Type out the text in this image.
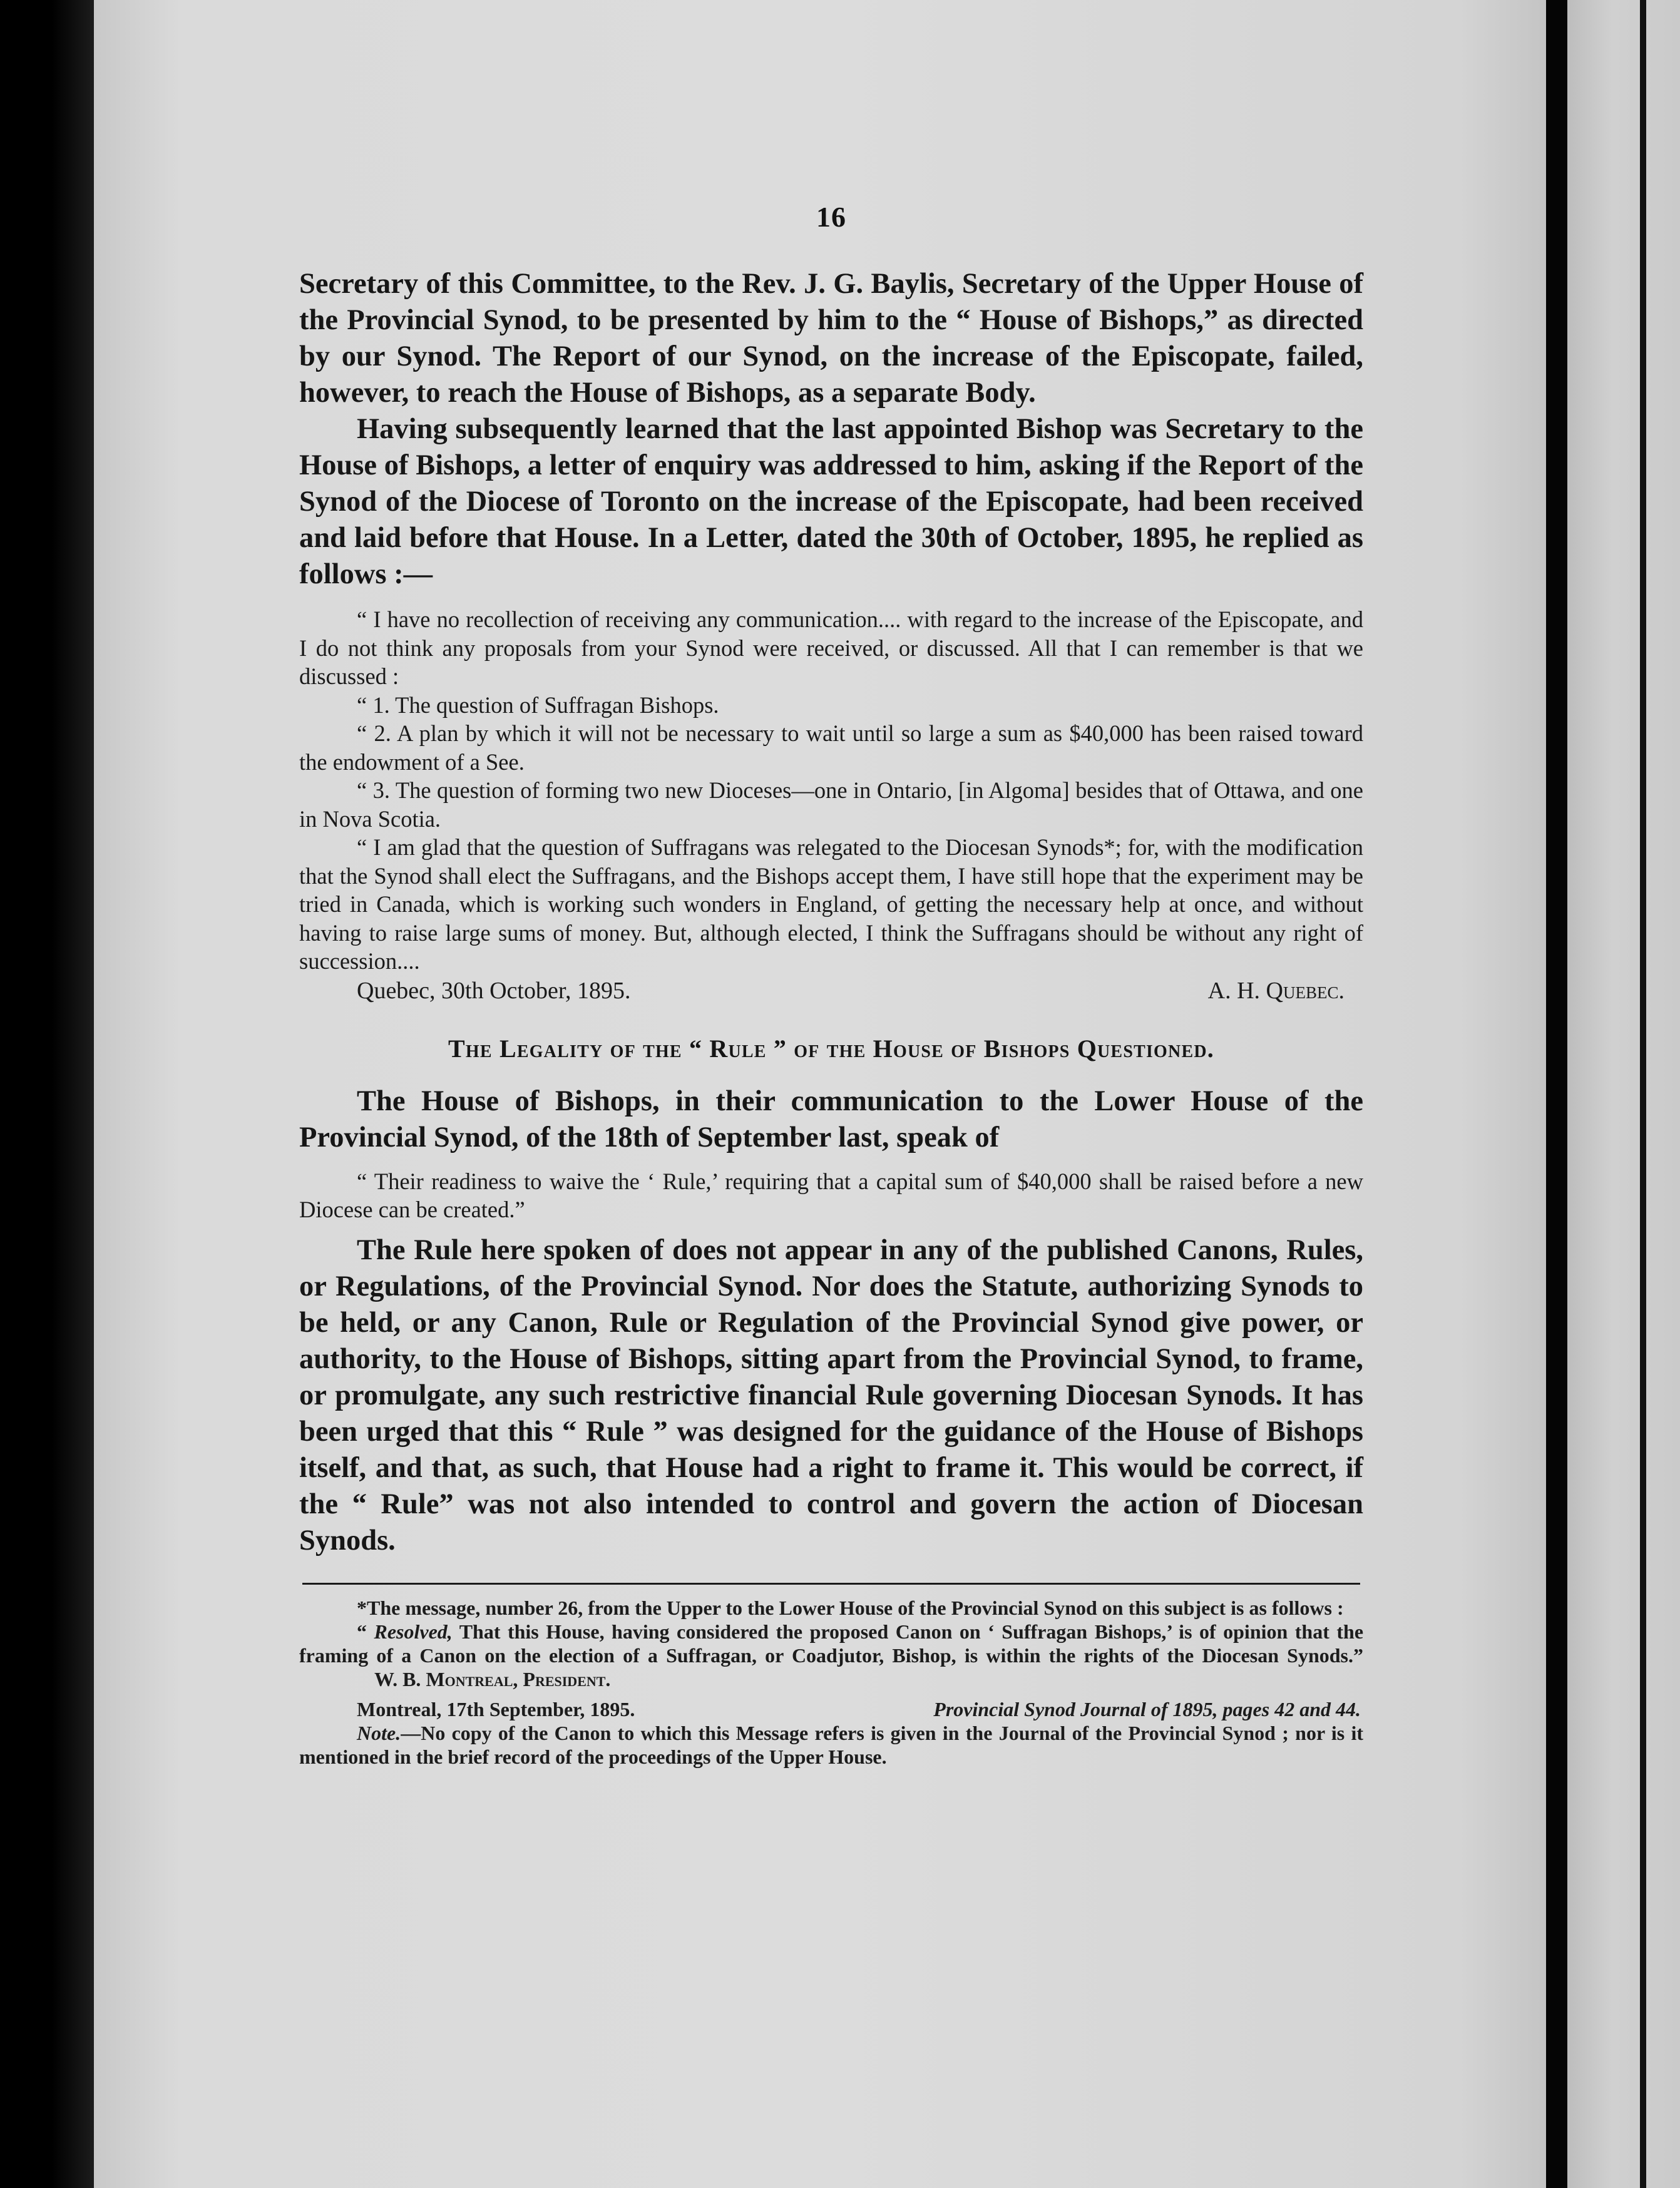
16

Secretary of this Committee, to the Rev. J. G. Baylis, Secretary of the Upper House of the Provincial Synod, to be presented by him to the “ House of Bishops,” as directed by our Synod. The Report of our Synod, on the increase of the Episcopate, failed, however, to reach the House of Bishops, as a separate Body.

Having subsequently learned that the last appointed Bishop was Secretary to the House of Bishops, a letter of enquiry was addressed to him, asking if the Report of the Synod of the Diocese of Toronto on the increase of the Episcopate, had been received and laid before that House. In a Letter, dated the 30th of October, 1895, he replied as follows :—

“ I have no recollection of receiving any communication.... with regard to the increase of the Episcopate, and I do not think any proposals from your Synod were received, or discussed. All that I can remember is that we discussed :

“ 1. The question of Suffragan Bishops.

“ 2. A plan by which it will not be necessary to wait until so large a sum as $40,000 has been raised toward the endowment of a See.

“ 3. The question of forming two new Dioceses—one in Ontario, [in Algoma] besides that of Ottawa, and one in Nova Scotia.

“ I am glad that the question of Suffragans was relegated to the Diocesan Synods*; for, with the modification that the Synod shall elect the Suffragans, and the Bishops accept them, I have still hope that the experiment may be tried in Canada, which is working such wonders in England, of getting the necessary help at once, and without having to raise large sums of money. But, although elected, I think the Suffragans should be without any right of succession....

Quebec, 30th October, 1895.	A. H. Quebec.
The Legality of the “ Rule ” of the House of Bishops Questioned.

The House of Bishops, in their communication to the Lower House of the Provincial Synod, of the 18th of September last, speak of

“ Their readiness to waive the ‘ Rule,’ requiring that a capital sum of $40,000 shall be raised before a new Diocese can be created.”

The Rule here spoken of does not appear in any of the published Canons, Rules, or Regulations, of the Provincial Synod. Nor does the Statute, authorizing Synods to be held, or any Canon, Rule or Regulation of the Provincial Synod give power, or authority, to the House of Bishops, sitting apart from the Provincial Synod, to frame, or promulgate, any such restrictive financial Rule governing Diocesan Synods. It has been urged that this “ Rule ” was designed for the guidance of the House of Bishops itself, and that, as such, that House had a right to frame it. This would be correct, if the “ Rule” was not also intended to control and govern the action of Diocesan Synods.

*The message, number 26, from the Upper to the Lower House of the Provincial Synod on this subject is as follows :

“ Resolved, That this House, having considered the proposed Canon on ‘ Suffragan Bishops,’ is of opinion that the framing of a Canon on the election of a Suffragan, or Coadjutor, Bishop, is within the rights of the Diocesan Synods.” W. B. Montreal, President.

Montreal, 17th September, 1895.	Provincial Synod Journal of 1895, pages 42 and 44.

Note.—No copy of the Canon to which this Message refers is given in the Journal of the Provincial Synod ; nor is it mentioned in the brief record of the proceedings of the Upper House.
